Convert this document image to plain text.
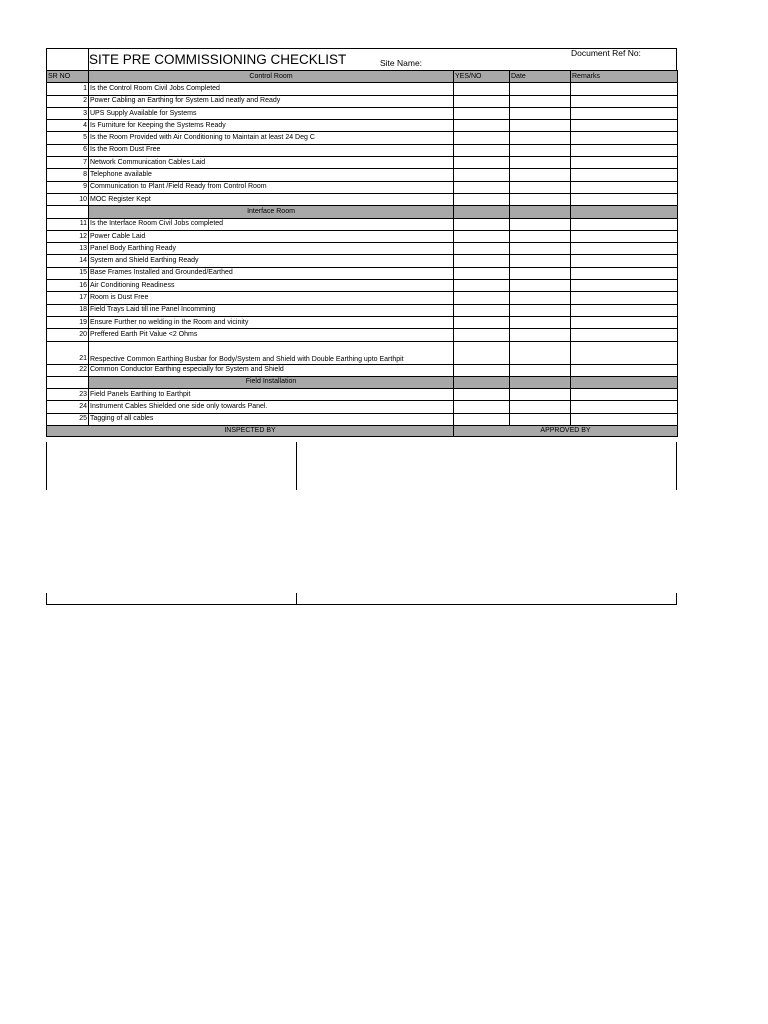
SITE PRE COMMISSIONING CHECKLIST	Site Name:
Document Ref No:
SR NO	Control Room	YES/NO	Date	Remarks
1	Is the Control Room Civil Jobs Completed			
2	Power Cabling an Earthing for System Laid neatly and Ready			
3	UPS Supply Available for Systems			
4	Is Furniture for Keeping the Systems Ready			
5	Is the Room Provided with Air Conditioning to Maintain at least 24 Deg C			
6	Is the Room Dust Free			
7	Network Communication Cables Laid			
8	Telephone available			
9	Communication to Plant /Field Ready from Control Room			
10	MOC Register Kept			
	Interface Room			
11	Is the Interface Room Civil Jobs completed			
12	Power Cable Laid			
13	Panel Body Earthing Ready			
14	System and Shield Earthing Ready			
15	Base Frames Installed and Grounded/Earthed			
16	Air Conditioning Readiness			
17	Room is Dust Free			
18	Field Trays Laid till ine Panel Incomming			
19	Ensure Further no welding in the Room and vicinity			
20	Preffered Earth Pit Value <2 Ohms			
21	Respective Common Earthing Busbar for Body/System and Shield with Double Earthing upto Earthpit			
22	Common Conductor Earthing especially for System and Shield			
	Field Installation			
23	Field Panels Earthing to Earthpit			
24	Instrument Cables Shielded one side only towards Panel.			
25	Tagging of all cables			
INSPECTED BY		APPROVED BY		
